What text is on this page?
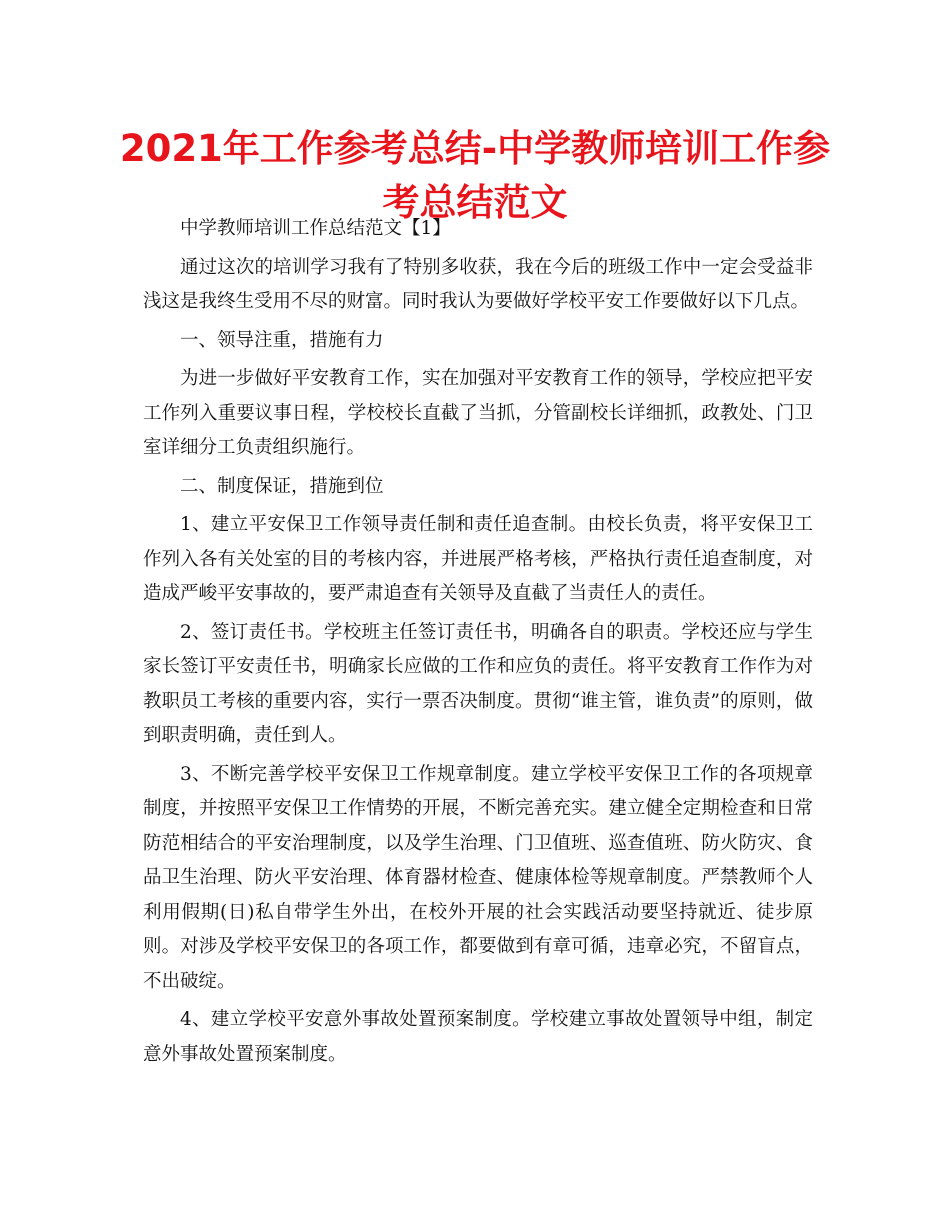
2021年工作参考总结-中学教师培训工作参考总结范文

中学教师培训工作总结范文【1】

通过这次的培训学习我有了特别多收获，我在今后的班级工作中一定会受益非浅这是我终生受用不尽的财富。同时我认为要做好学校平安工作要做好以下几点。

一、领导注重，措施有力

为进一步做好平安教育工作，实在加强对平安教育工作的领导，学校应把平安工作列入重要议事日程，学校校长直截了当抓，分管副校长详细抓，政教处、门卫室详细分工负责组织施行。

二、制度保证，措施到位

1、建立平安保卫工作领导责任制和责任追查制。由校长负责，将平安保卫工作列入各有关处室的目的考核内容，并进展严格考核，严格执行责任追查制度，对造成严峻平安事故的，要严肃追查有关领导及直截了当责任人的责任。

2、签订责任书。学校班主任签订责任书，明确各自的职责。学校还应与学生家长签订平安责任书，明确家长应做的工作和应负的责任。将平安教育工作作为对教职员工考核的重要内容，实行一票否决制度。贯彻“谁主管，谁负责”的原则，做到职责明确，责任到人。

3、不断完善学校平安保卫工作规章制度。建立学校平安保卫工作的各项规章制度，并按照平安保卫工作情势的开展，不断完善充实。建立健全定期检查和日常防范相结合的平安治理制度，以及学生治理、门卫值班、巡查值班、防火防灾、食品卫生治理、防火平安治理、体育器材检查、健康体检等规章制度。严禁教师个人利用假期(日)私自带学生外出，在校外开展的社会实践活动要坚持就近、徒步原则。对涉及学校平安保卫的各项工作，都要做到有章可循，违章必究，不留盲点，不出破绽。

4、建立学校平安意外事故处置预案制度。学校建立事故处置领导中组，制定意外事故处置预案制度。
